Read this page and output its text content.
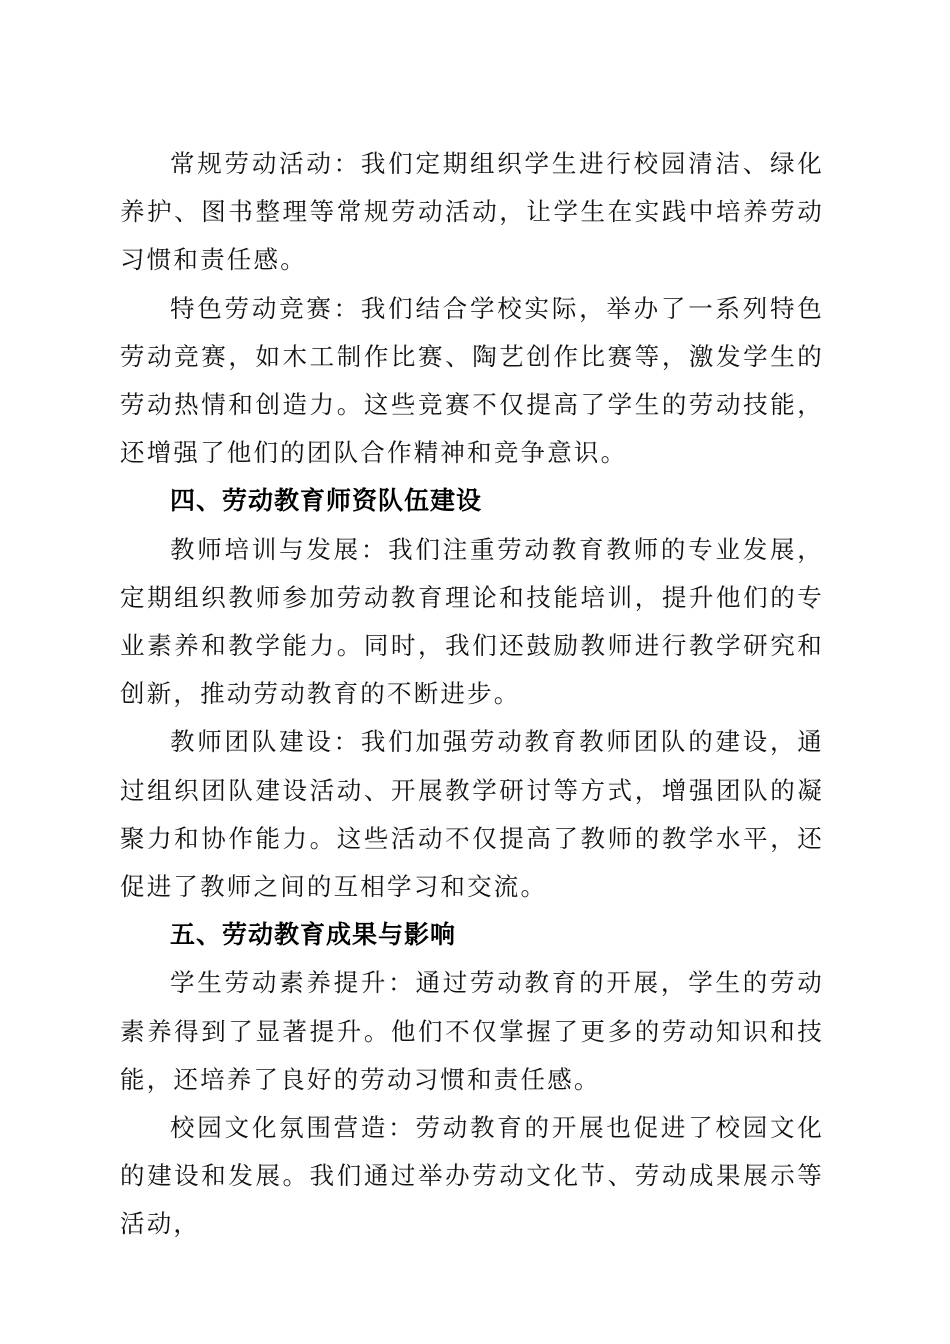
常规劳动活动：我们定期组织学生进行校园清洁、绿化养护、图书整理等常规劳动活动，让学生在实践中培养劳动习惯和责任感。

特色劳动竞赛：我们结合学校实际，举办了一系列特色劳动竞赛，如木工制作比赛、陶艺创作比赛等，激发学生的劳动热情和创造力。这些竞赛不仅提高了学生的劳动技能，还增强了他们的团队合作精神和竞争意识。

四、劳动教育师资队伍建设

教师培训与发展：我们注重劳动教育教师的专业发展，定期组织教师参加劳动教育理论和技能培训，提升他们的专业素养和教学能力。同时，我们还鼓励教师进行教学研究和创新，推动劳动教育的不断进步。

教师团队建设：我们加强劳动教育教师团队的建设，通过组织团队建设活动、开展教学研讨等方式，增强团队的凝聚力和协作能力。这些活动不仅提高了教师的教学水平，还促进了教师之间的互相学习和交流。

五、劳动教育成果与影响

学生劳动素养提升：通过劳动教育的开展，学生的劳动素养得到了显著提升。他们不仅掌握了更多的劳动知识和技能，还培养了良好的劳动习惯和责任感。

校园文化氛围营造：劳动教育的开展也促进了校园文化的建设和发展。我们通过举办劳动文化节、劳动成果展示等活动，
